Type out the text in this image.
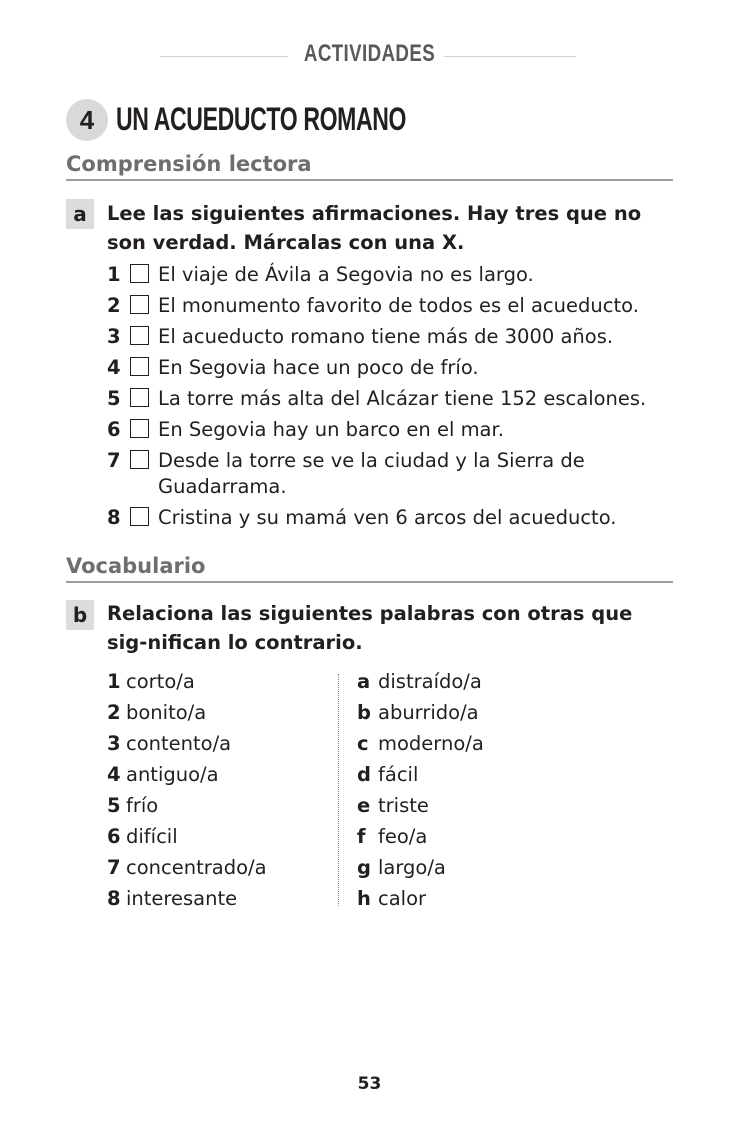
ACTIVIDADES
4 UN ACUEDUCTO ROMANO
Comprensión lectora
a	Lee las siguientes afirmaciones. Hay tres que no son verdad. Márcalas con una X.
1 El viaje de Ávila a Segovia no es largo.
2 El monumento favorito de todos es el acueducto.
3 El acueducto romano tiene más de 3000 años.
4 En Segovia hace un poco de frío.
5 La torre más alta del Alcázar tiene 152 escalones.
6 En Segovia hay un barco en el mar.
7 Desde la torre se ve la ciudad y la Sierra de Guadarrama.
8 Cristina y su mamá ven 6 arcos del acueducto.
Vocabulario
b	Relaciona las siguientes palabras con otras que sig-nifican lo contrario.
1 corto/a
2 bonito/a
3 contento/a
4 antiguo/a
5 frío
6 difícil
7 concentrado/a
8 interesante
a distraído/a
b aburrido/a
c moderno/a
d fácil
e triste
f feo/a
g largo/a
h calor
53
